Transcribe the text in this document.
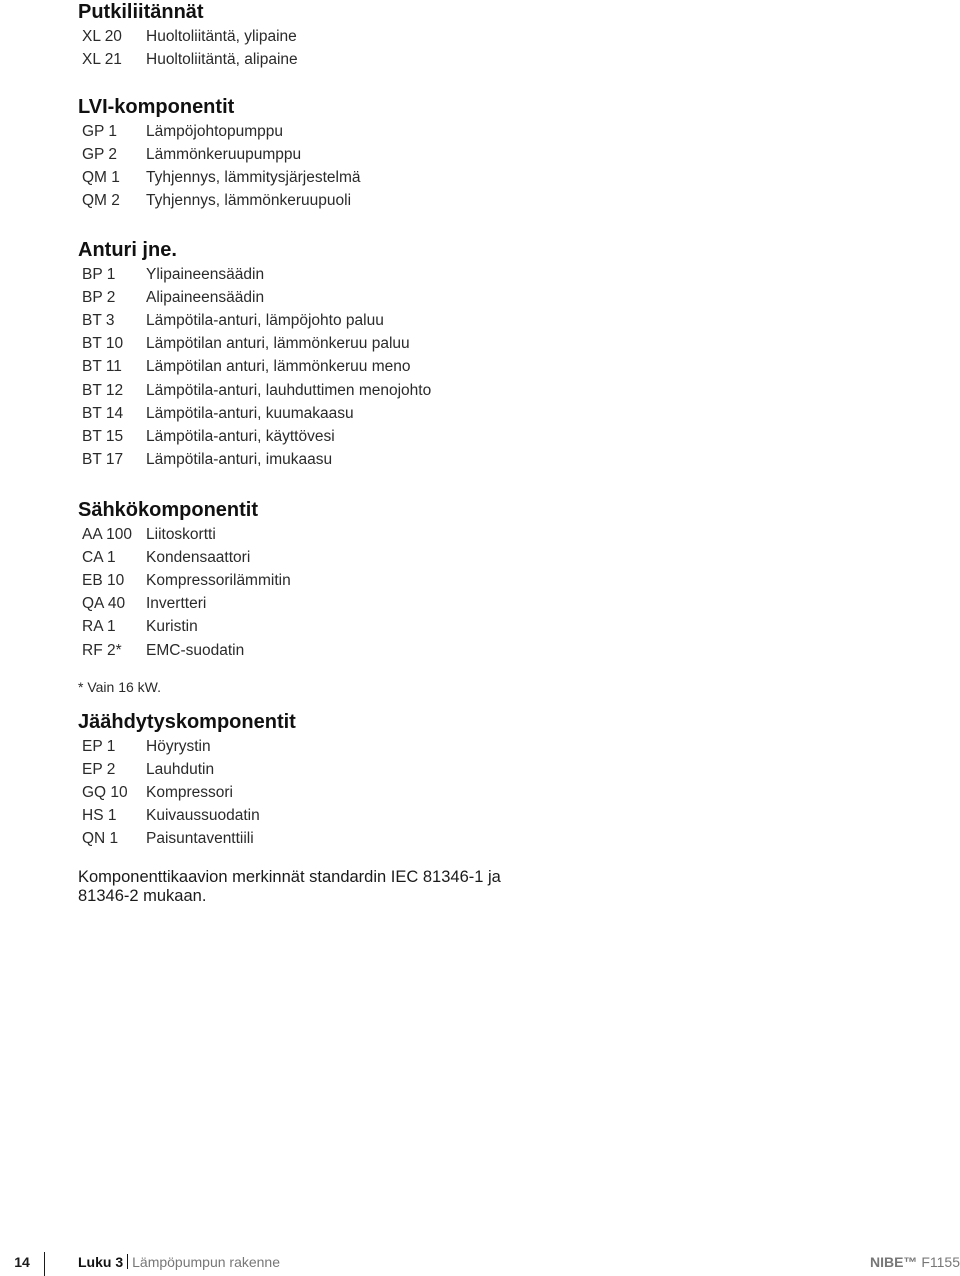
Putkiliitännät
XL 20	Huoltoliitäntä, ylipaine
XL 21	Huoltoliitäntä, alipaine
LVI-komponentit
GP 1	Lämpöjohtopumppu
GP 2	Lämmönkeruupumppu
QM 1	Tyhjennys, lämmitysjärjestelmä
QM 2	Tyhjennys, lämmönkeruupuoli
Anturi jne.
BP 1	Ylipaineensäädin
BP 2	Alipaineensäädin
BT 3	Lämpötila-anturi, lämpöjohto paluu
BT 10	Lämpötilan anturi, lämmönkeruu paluu
BT 11	Lämpötilan anturi, lämmönkeruu meno
BT 12	Lämpötila-anturi, lauhduttimen menojohto
BT 14	Lämpötila-anturi, kuumakaasu
BT 15	Lämpötila-anturi, käyttövesi
BT 17	Lämpötila-anturi, imukaasu
Sähkökomponentit
AA 100 Liitoskortti
CA 1	Kondensaattori
EB 10	Kompressorilämmitin
QA 40	Invertteri
RA 1	Kuristin
RF 2*	EMC-suodatin
* Vain 16 kW.
Jäähdytyskomponentit
EP 1	Höyrystin
EP 2	Lauhdutin
GQ 10	Kompressori
HS 1	Kuivaussuodatin
QN 1	Paisuntaventtiili
Komponenttikaavion merkinnät standardin IEC 81346-1 ja 81346-2 mukaan.
14	Luku 3 Lämpöpumpun rakenne	NIBE™ F1155
